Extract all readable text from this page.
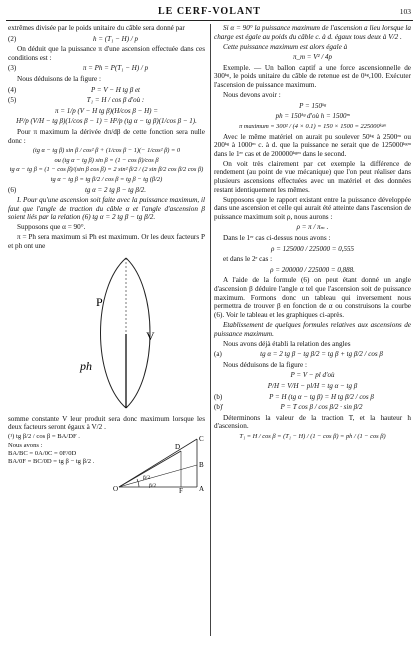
LE CERF-VOLANT	103

extrêmes divisée par le poids unitaire du câble sera donné par

(2)	h = (T₁ − H) / p

On déduit que la puissance π d'une ascension effectuée dans ces conditions est :

(3)	π = Ph = P(T₁ − H) / p

Nous déduisons de la figure :

(4)	P = V − H tg β et
(5)	T₁ = H / cos β d'où :
π = 1/p (V − H tg β)(H/cos β − H) =
H²/p (V/H − tg β)(1/cos β − 1) = H²/p (tg α − tg β)(1/cos β − 1).

Pour π maximum la dérivée dπ/dβ de cette fonction sera nulle donc :

(tg α − tg β) sin β / cos² β + (1/cos β − 1)(− 1/cos² β) = 0
ou (tg α − tg β) sin β = (1 − cos β)/cos β
tg α − tg β = (1 − cos β)/(sin β cos β) = 2 sin² β/2 / (2 sin β/2 cos β/2 cos β)
tg α − tg β = tg β/2 / cos β = tg β − tg (β/2)
(6)	tg α = 2 tg β − tg β/2.

I. Pour qu'une ascension soit faite avec la puissance maximum, il faut que l'angle de traction du câble α et l'angle d'ascension β soient liés par la relation (6) tg α = 2 tg β − tg β/2.

Supposons que α = 90°.

π = Ph sera maximum si Ph est maximum. Or les deux facteurs P et ph ont une

P
V
ph

somme constante V leur produit sera donc maximum lorsque les deux facteurs seront égaux à V/2 .

(¹) tg β/2 / cos β = BA/DF .
Nous avons :
BA/BC = 0A/0C = 0F/0D
BA/0F = BC/0D = tg β − tg β/2 .
C
D
B
A
O	F
β/2
β/2

Si α = 90° la puissance maximum de l'ascension a lieu lorsque la charge est égale au poids du câble c. à d. égaux tous deux à V/2 .

Cette puissance maximum est alors égale à

π_m = V² / 4p

Exemple. — Un ballon captif a une force ascensionnelle de 300ᵏᵍ, le poids unitaire du câble de retenue est de 0ᵏᵍ,100. Exécuter l'ascension de puissance maximum.

Nous devons avoir :

P = 150ᵏᵍ
ph = 150ᵏᵍ d'où h = 1500ᵐ
π maximum = 300² / (4 × 0.1) = 150 × 1500 = 225000ᵏᵍᵐ

Avec le même matériel on aurait pu soulever 50ᵏᵍ à 2500ᵐ ou 200ᵏᵍ à 1000ᵐ c. à d. que la puissance ne serait que de 125000ᵏᵍᵐ dans le 1ᵉʳ cas et de 200000ᵏᵍᵐ dans le second.

On voit très clairement par cet exemple la différence de rendement (au point de vue mécanique) que l'on peut réaliser dans plusieurs ascensions effectuées avec un matériel et des données restant identiquement les mêmes.

Supposons que le rapport existant entre la puissance développée dans une ascension et celle qui aurait été atteinte dans l'ascension de puissance maximum soit ρ, nous aurons :

ρ = π / πₘ .

Dans le 1ᵉʳ cas ci-dessus nous avons :

ρ = 125000 / 225000 = 0,555

et dans le 2ᵉ cas :

ρ = 200000 / 225000 = 0,888.

A l'aide de la formule (6) on peut étant donné un angle d'ascension β déduire l'angle α tel que l'ascension soit de puissance maximum. Formons donc un tableau qui inversement nous permettra de trouver β en fonction de α ou construisons la courbe (6). Voir le tableau et les graphiques ci-après.

Etablissement de quelques formules relatives aux ascensions de puissance maximum.

Nous avons déjà établi la relation des angles

(a)	tg α = 2 tg β − tg β/2 = tg β + tg β/2 / cos β

Nous déduisons de la figure :

P = V − pl d'où
P/H = V/H − pl/H = tg α − tg β
(b)	P = H (tg α − tg β) = H tg β/2 / cos β
(b)'	P = T cos β / cos β/2 · sin β/2

Déterminons la valeur de la traction T, et la hauteur h d'ascension.

T₁ = H / cos β = (T₁ − H) / (1 − cos β) = ph / (1 − cos β)
